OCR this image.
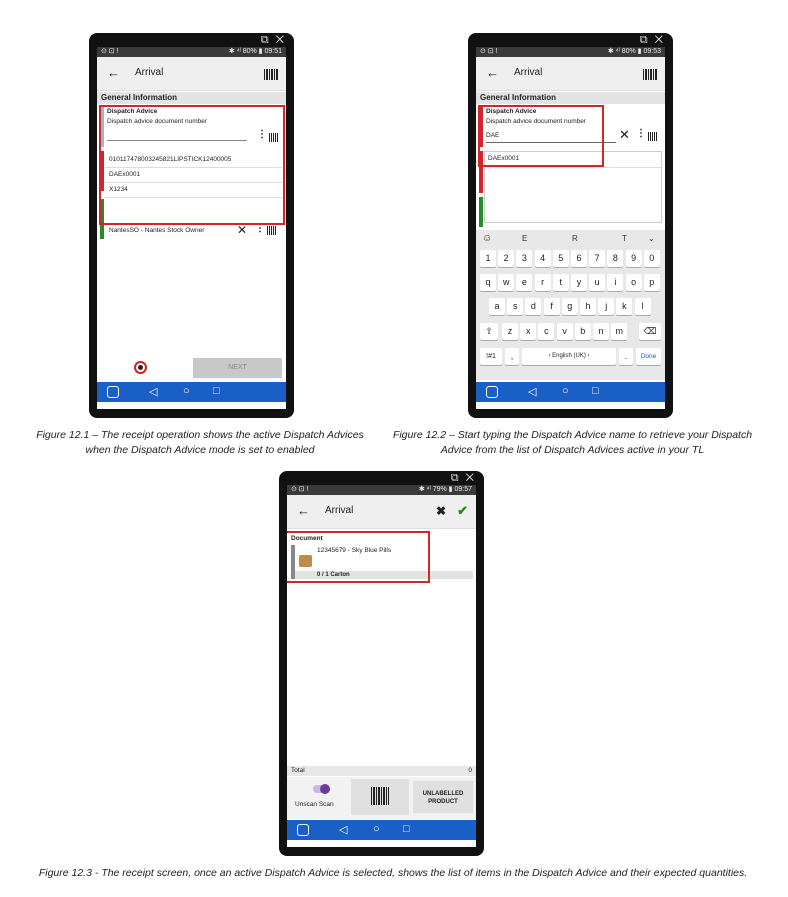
⧉ ✕
⊙ ⊡ !	✱ ⁴ˡ 80% ▮ 09:51
← Arrival
General Information
Dispatch Advice
Dispatch advice document number
⋮
010117478003245821LIPSTICK12400005
DAEx0001
X1234
NantesSO - Nantes Stock Owner	✕ ⋮
NEXT
◁ ○ □
⧉ ✕
⊙ ⊡ !	✱ ⁴ˡ 80% ▮ 09:53
← Arrival
General Information
Dispatch Advice
Dispatch advice document number
DAE	✕ ⋮
DAEx0001
☺	E	R	T	⌄
1	2	3	4	5	6	7	8	9	0
q	w	e	r	t	y	u	i	o	p
a	s	d	f	g	h	j	k	l
z	x	c	v	b	n	m
⇧	⌫
!#1	,	‹ English (UK) ›	.	Done
◁ ○ □
⧉ ✕
⊙ ⊡ !	✱ ⁴ˡ 79% ▮ 09:57
← Arrival	✖ ✔
Document
12345679 - Sky Blue Pills
0 / 1 Carton
Total	0
Unscan Scan
UNLABELLED PRODUCT
◁ ○ □
Figure 12.1 – The receipt operation shows the active Dispatch Advices when the Dispatch Advice mode is set to enabled
Figure 12.2 – Start typing the Dispatch Advice name to retrieve your Dispatch Advice from the list of Dispatch Advices active in your TL
Figure 12.3 - The receipt screen, once an active Dispatch Advice is selected, shows the list of items in the Dispatch Advice and their expected quantities.
